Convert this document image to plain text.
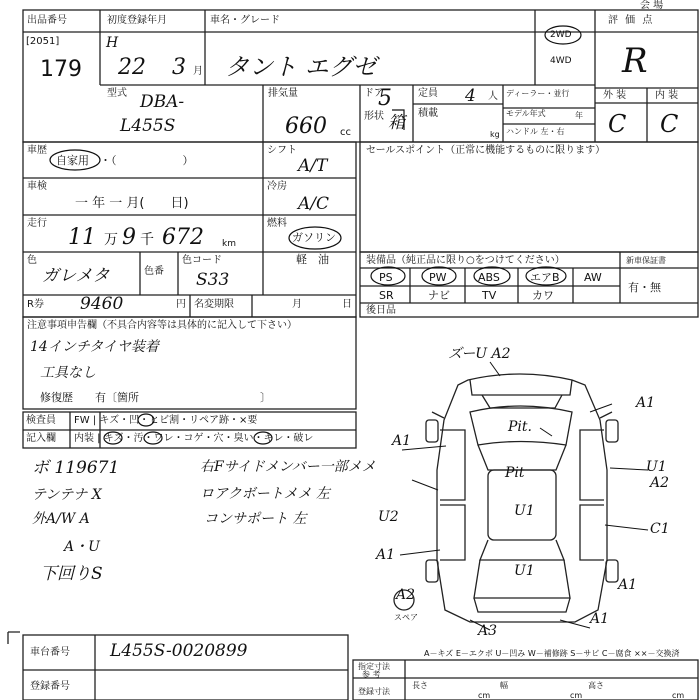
出品番号
[2051]
179
初度登録年月
H
22 3 月
車名・グレード
タント エグゼ
2WD
4WD
評 価 点
R
外 装	内 装
C C
会 場
型式 DBA-
L455S
排気量
660 cc
ドア
5
形状 箱
定員 4 人
積載
kg
ディーラー・並行
モデル年式	年
ハンドル 左・右
車歴
自家用 ・（　　　　　　）
車検
一 年 一 月(　　日)
走行
11 万 9 千 672 km
色
ガレメタ	色番
色コード
S33
R券 9460	円 名変期限	月	日
シフト
A/T
冷房
A/C
燃料
ガソリン
軽　油
セールスポイント（正常に機能するものに限ります）
装備品（純正品に限り○をつけてください）	新車保証書
PS	PW	ABS	エアB AW
SR	ナビ	TV	カワ
有・無
後日品
注意事項申告欄（不具合内容等は具体的に記入して下さい）
14インチタイヤ装着
工具なし
修復歴　　有〔箇所　　　　　　　　　　　〕
検査員
記入欄
FW | キズ・凹・ヒビ割・リペア跡・×要
内装 | キズ・汚・ワレ・コゲ・穴・臭い・キレ・破レ
ボ 119671
テンテナ X
外A/W A
A・U
下回りS
右Fサイドメンバー一部メメ
ロアクボートメメ 左
コンサポート 左
ズーU A2
Pit.
Pit
U1
A1
A1
U1
A2
U2
C1
A1
U1
A2
A3
A1
A1
スペア
A－キズ E－エクボ U－凹み W－補修跡 S－サビ C－腐食 ××－交換済
車台番号 L455S-0020899
登録番号
指定寸法
参 考
登録寸法
長さ
cm
幅
cm
高さ
cm
